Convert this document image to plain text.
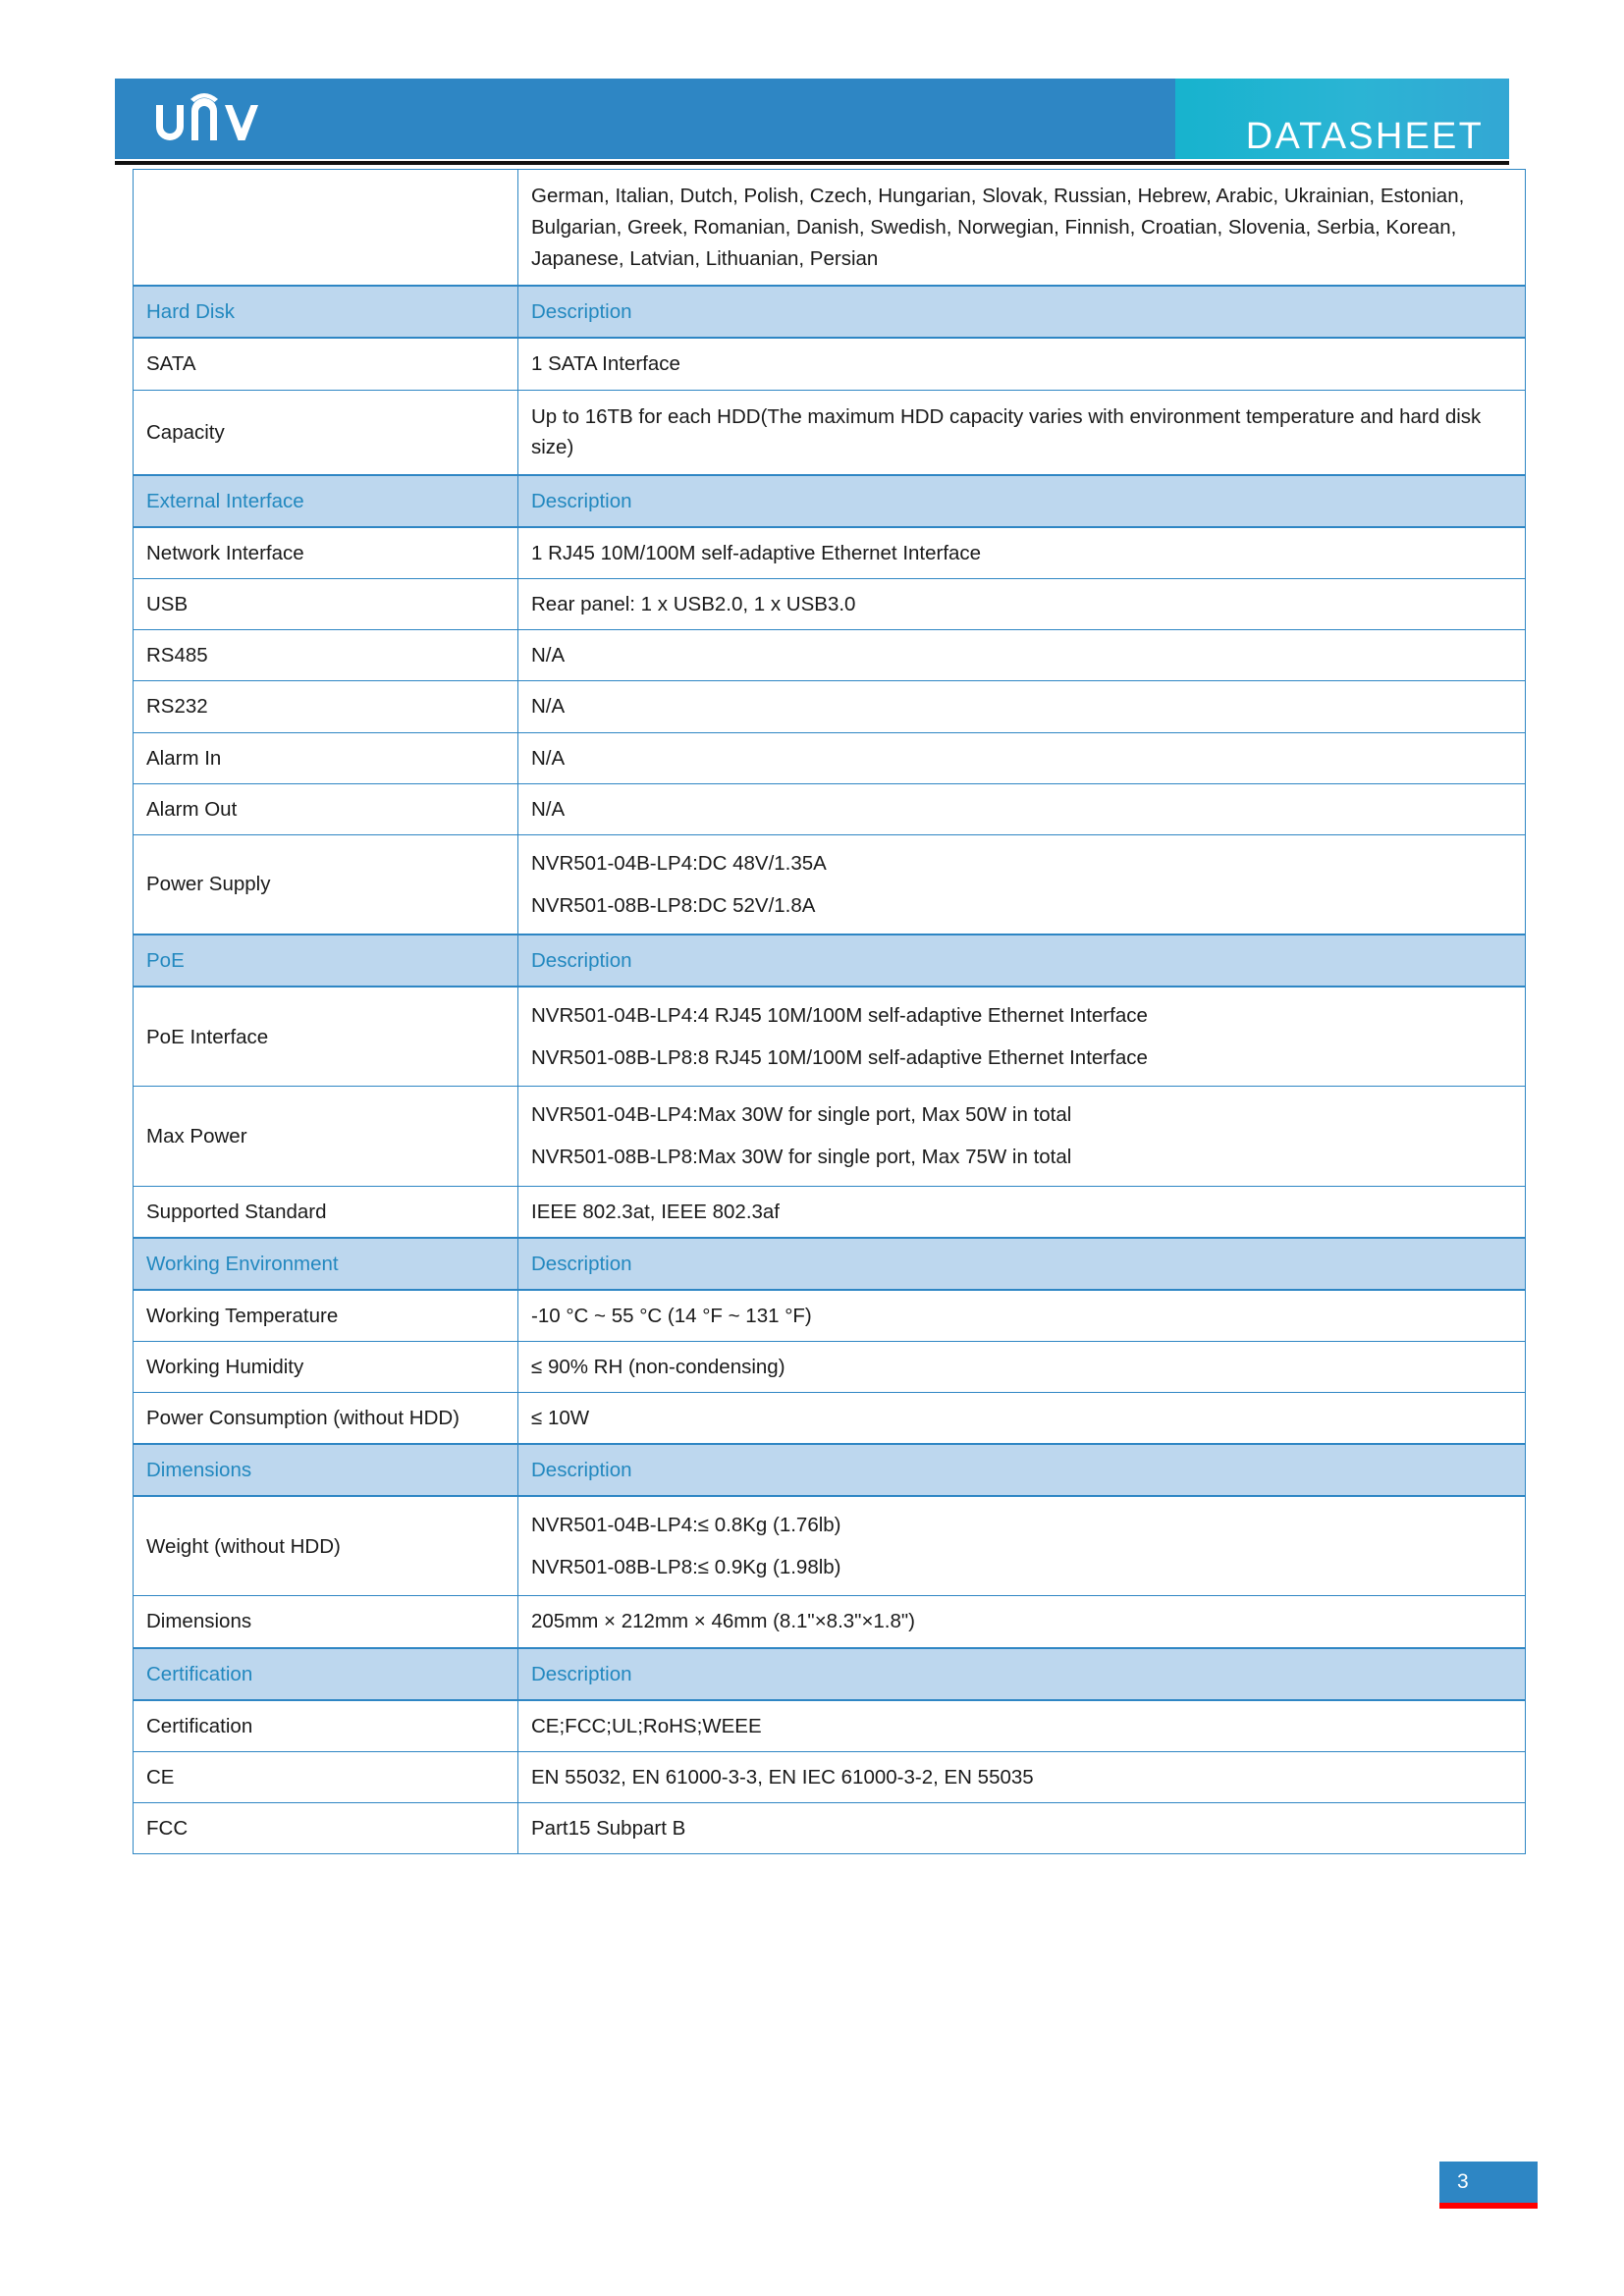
DATASHEET
	German, Italian, Dutch, Polish, Czech, Hungarian, Slovak, Russian, Hebrew, Arabic, Ukrainian, Estonian, Bulgarian, Greek, Romanian, Danish, Swedish, Norwegian, Finnish, Croatian, Slovenia, Serbia, Korean, Japanese, Latvian, Lithuanian, Persian
Hard Disk	Description
SATA	1 SATA Interface
Capacity	Up to 16TB for each HDD(The maximum HDD capacity varies with environment temperature and hard disk size)
External Interface	Description
Network Interface	1 RJ45 10M/100M self-adaptive Ethernet Interface
USB	Rear panel: 1 x USB2.0, 1 x USB3.0
RS485	N/A
RS232	N/A
Alarm In	N/A
Alarm Out	N/A
Power Supply	NVR501-04B-LP4:DC 48V/1.35A
NVR501-08B-LP8:DC 52V/1.8A

PoE	Description
PoE Interface	NVR501-04B-LP4:4 RJ45 10M/100M self-adaptive Ethernet Interface
NVR501-08B-LP8:8 RJ45 10M/100M self-adaptive Ethernet Interface

Max Power	NVR501-04B-LP4:Max 30W for single port, Max 50W in total
NVR501-08B-LP8:Max 30W for single port, Max 75W in total

Supported Standard	IEEE 802.3at, IEEE 802.3af
Working Environment	Description
Working Temperature	-10 °C ~ 55 °C (14 °F ~ 131 °F)
Working Humidity	≤ 90% RH (non-condensing)
Power Consumption (without HDD)	≤ 10W
Dimensions	Description
Weight (without HDD)	NVR501-04B-LP4:≤ 0.8Kg (1.76lb)
NVR501-08B-LP8:≤ 0.9Kg (1.98lb)

Dimensions	205mm × 212mm × 46mm (8.1"×8.3"×1.8")
Certification	Description
Certification	CE;FCC;UL;RoHS;WEEE
CE	EN 55032, EN 61000-3-3, EN IEC 61000-3-2, EN 55035
FCC	Part15 Subpart B
3
